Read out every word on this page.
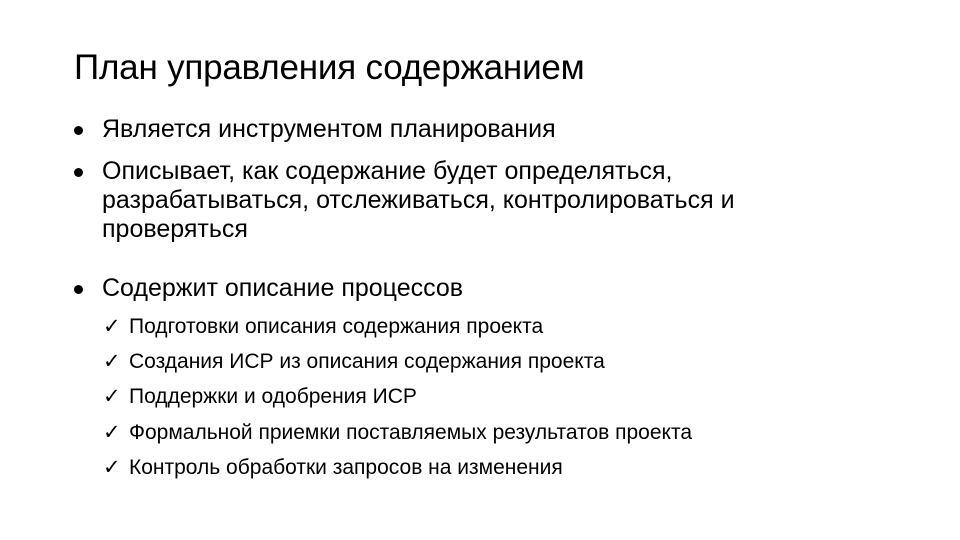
План управления содержанием
Является инструментом планирования
Описывает, как содержание будет определяться, разрабатываться, отслеживаться, контролироваться и проверяться
Содержит описание процессов
✓ Подготовки описания содержания проекта
✓ Создания ИСР из описания содержания проекта
✓ Поддержки и одобрения ИСР
✓ Формальной приемки поставляемых результатов проекта
✓ Контроль обработки запросов на изменения
